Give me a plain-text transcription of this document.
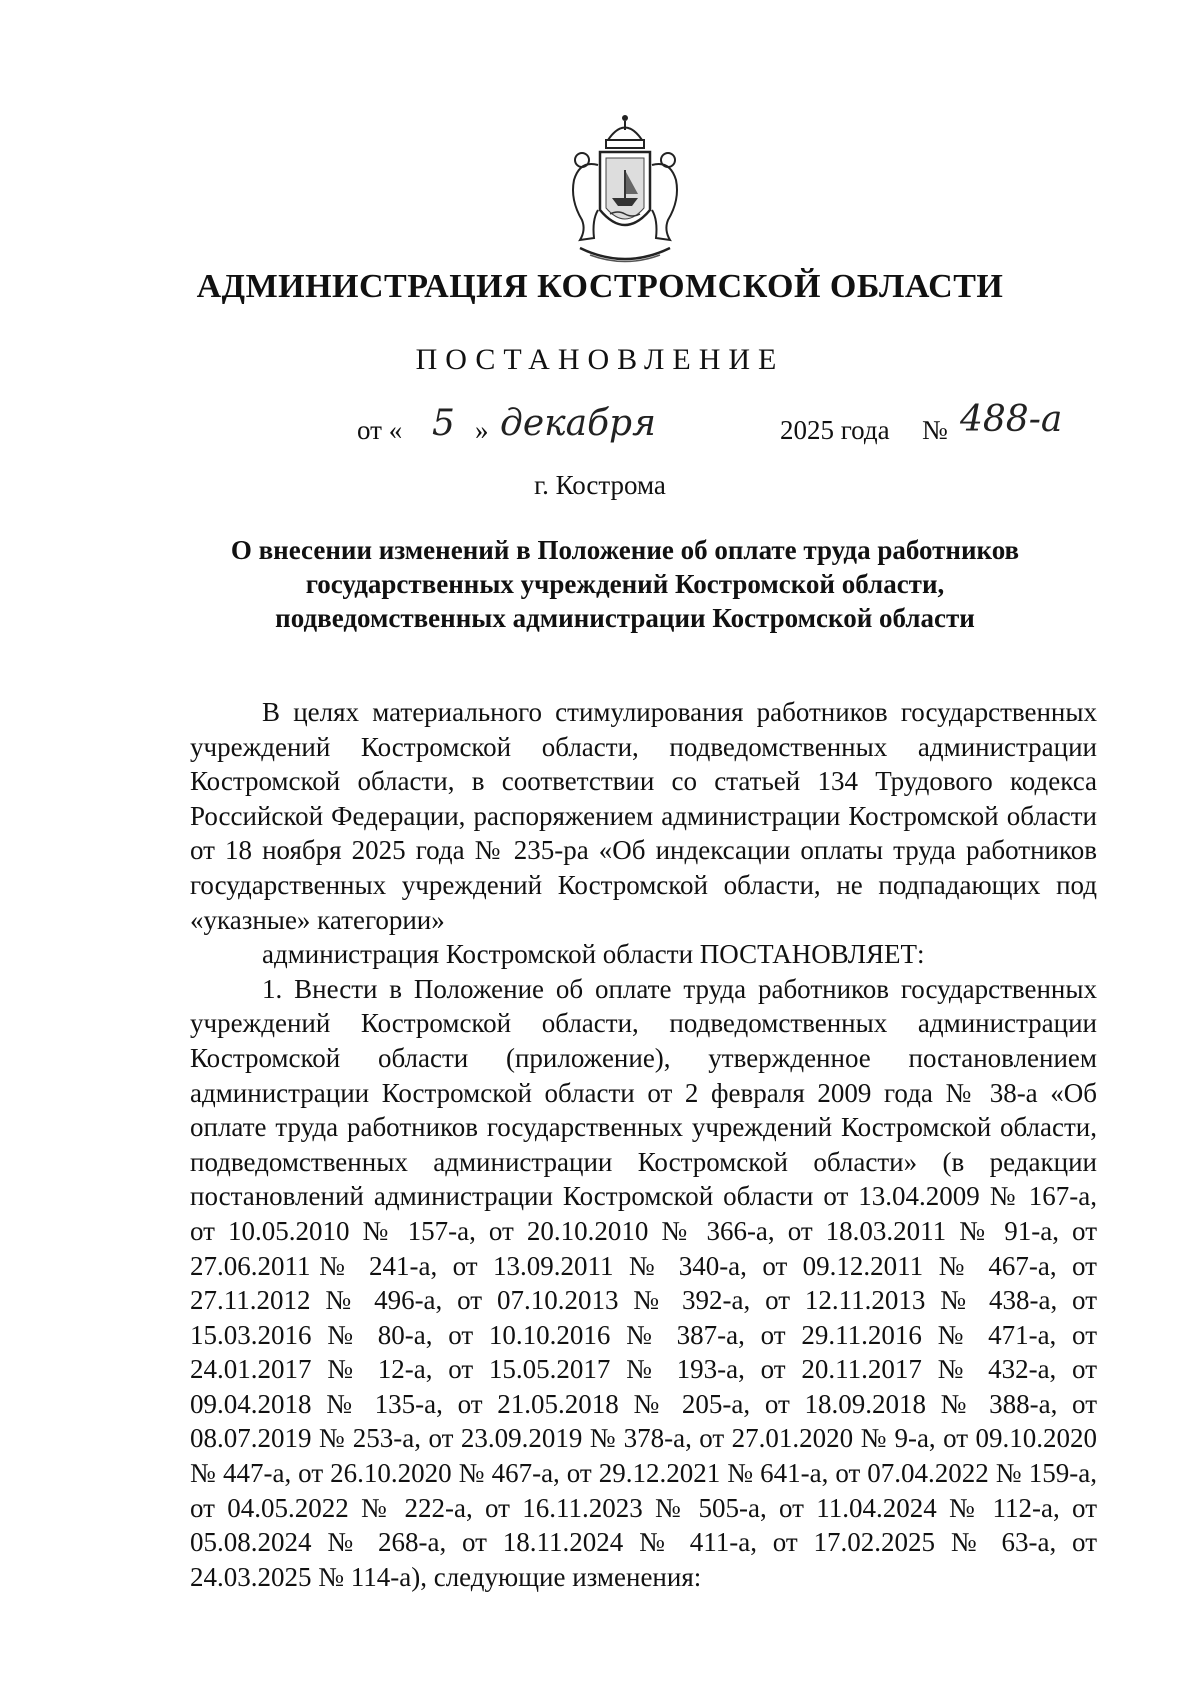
АДМИНИСТРАЦИЯ КОСТРОМСКОЙ ОБЛАСТИ
ПОСТАНОВЛЕНИЕ
от « 5 » декабря	2025 года № 488-а
г. Кострома
О внесении изменений в Положение об оплате труда работников государственных учреждений Костромской области, подведомственных администрации Костромской области

В целях материального стимулирования работников государственных учреждений Костромской области, подведомственных администрации Костромской области, в соответствии со статьей 134 Трудового кодекса Российской Федерации, распоряжением администрации Костромской области от 18 ноября 2025 года № 235-ра «Об индексации оплаты труда работников государственных учреждений Костромской области, не подпадающих под «указные» категории»

администрация Костромской области ПОСТАНОВЛЯЕТ:

1. Внести в Положение об оплате труда работников государственных учреждений Костромской области, подведомственных администрации Костромской области (приложение), утвержденное постановлением администрации Костромской области от 2 февраля 2009 года № 38-а «Об оплате труда работников государственных учреждений Костромской области, подведомственных администрации Костромской области» (в редакции постановлений администрации Костромской области от 13.04.2009 № 167-а, от 10.05.2010 № 157-а, от 20.10.2010 № 366-а, от 18.03.2011 № 91-а, от 27.06.2011№ 241-а, от 13.09.2011 № 340-а, от 09.12.2011 № 467-а, от 27.11.2012 № 496-а, от 07.10.2013 № 392-а, от 12.11.2013 № 438-а, от 15.03.2016 № 80-а, от 10.10.2016 № 387-а, от 29.11.2016 № 471-а, от 24.01.2017 № 12-а, от 15.05.2017 № 193-а, от 20.11.2017 № 432-а, от 09.04.2018 № 135-а, от 21.05.2018 № 205-а, от 18.09.2018 № 388-а, от 08.07.2019 № 253-а, от 23.09.2019 № 378-а, от 27.01.2020 № 9-а, от 09.10.2020 № 447-а, от 26.10.2020 № 467-а, от 29.12.2021 № 641-а, от 07.04.2022 № 159-а, от 04.05.2022 № 222-а, от 16.11.2023 № 505-а, от 11.04.2024 № 112-а, от 05.08.2024 № 268-а, от 18.11.2024 № 411-а, от 17.02.2025 № 63-а, от 24.03.2025 № 114-а), следующие изменения:
